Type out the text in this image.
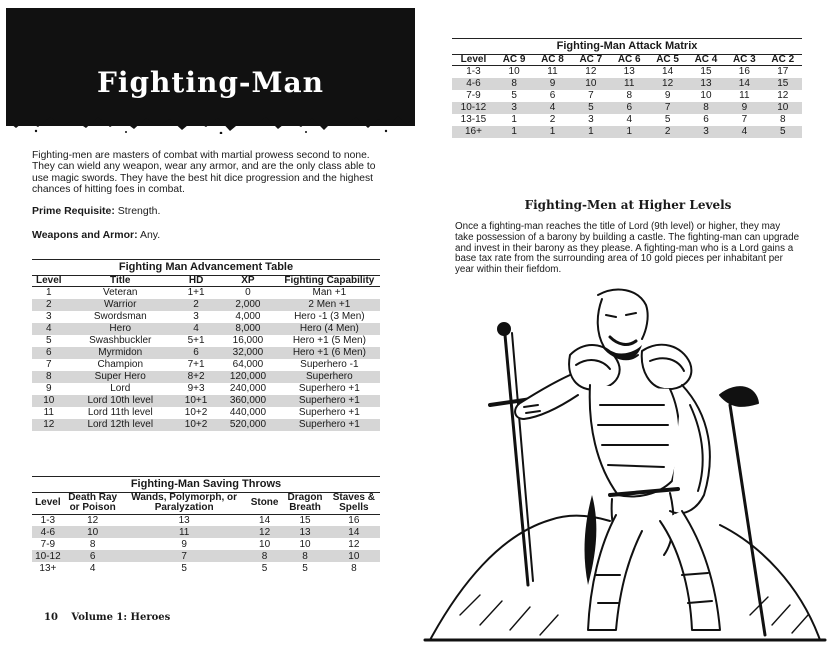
Fighting-Man

Fighting-men are masters of combat with martial prowess second to none. They can wield any weapon, wear any armor, and are the only class able to use magic swords. They have the best hit dice progression and the highest chances of hitting foes in combat.

Prime Requisite: Strength.

Weapons and Armor: Any.

Fighting Man Advancement Table				
Level	Title	HD	XP	Fighting Capability
1	Veteran	1+1	0	Man +1
2	Warrior	2	2,000	2 Men +1
3	Swordsman	3	4,000	Hero -1 (3 Men)
4	Hero	4	8,000	Hero (4 Men)
5	Swashbuckler	5+1	16,000	Hero +1 (5 Men)
6	Myrmidon	6	32,000	Hero +1 (6 Men)
7	Champion	7+1	64,000	Superhero -1
8	Super Hero	8+2	120,000	Superhero
9	Lord	9+3	240,000	Superhero +1
10	Lord 10th level	10+1	360,000	Superhero +1
11	Lord 11th level	10+2	440,000	Superhero +1
12	Lord 12th level	10+2	520,000	Superhero +1
Fighting-Man Saving Throws					
Level	Death Ray or Poison	Wands, Polymorph, or Paralyzation	Stone	Dragon Breath	Staves & Spells
1-3	12	13	14	15	16
4-6	10	11	12	13	14
7-9	8	9	10	10	12
10-12	6	7	8	8	10
13+	4	5	5	5	8
10 Volume 1: Heroes
Fighting-Man Attack Matrix								
Level	AC 9	AC 8	AC 7	AC 6	AC 5	AC 4	AC 3	AC 2
1-3	10	11	12	13	14	15	16	17
4-6	8	9	10	11	12	13	14	15
7-9	5	6	7	8	9	10	11	12
10-12	3	4	5	6	7	8	9	10
13-15	1	2	3	4	5	6	7	8
16+	1	1	1	1	2	3	4	5
Fighting-Men at Higher Levels

Once a fighting-man reaches the title of Lord (9th level) or higher, they may take possession of a barony by building a castle. The fighting-man can upgrade and invest in their barony as they please. A fighting-man who is a Lord gains a base tax rate from the surrounding area of 10 gold pieces per inhabitant per year within their fiefdom.
